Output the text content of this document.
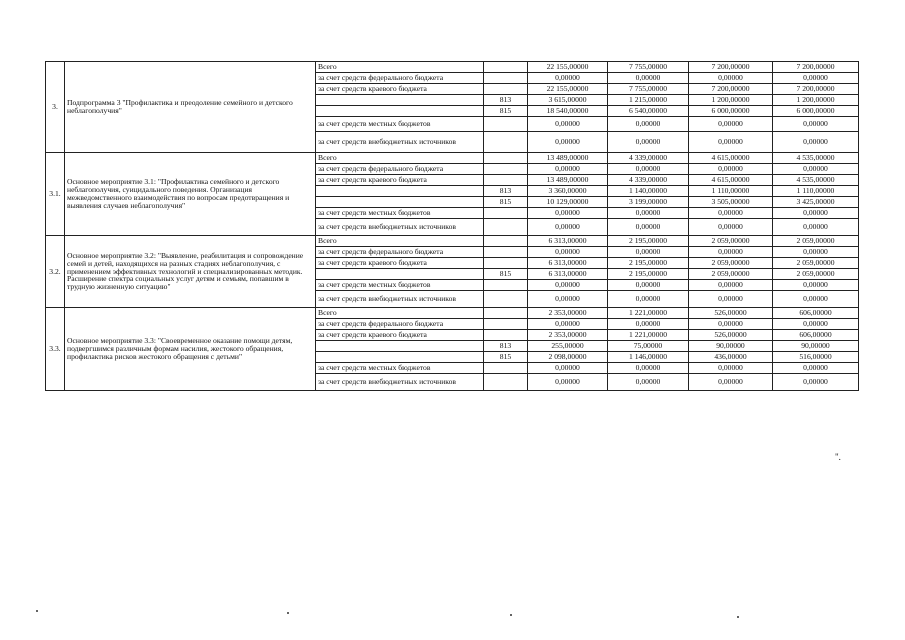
3.	Подпрограмма 3 "Профилактика и преодоление семейного и детского неблагополучия"	Всего		22 155,00000	7 755,00000	7 200,00000	7 200,00000
		за счет средств федерального бюджета		0,00000	0,00000	0,00000	0,00000
		за счет средств краевого бюджета		22 155,00000	7 755,00000	7 200,00000	7 200,00000
			813	3 615,00000	1 215,00000	1 200,00000	1 200,00000
			815	18 540,00000	6 540,00000	6 000,00000	6 000,00000
		за счет средств местных бюджетов		0,00000	0,00000	0,00000	0,00000
		за счет средств внебюджетных источников		0,00000	0,00000	0,00000	0,00000
3.1.	Основное мероприятие 3.1: "Профилактика семейного и детского неблагополучия, суицидального поведения. Организация межведомственного взаимодействия по вопросам предотвращения и выявления случаев неблагополучия"	Всего		13 489,00000	4 339,00000	4 615,00000	4 535,00000
		за счет средств федерального бюджета		0,00000	0,00000	0,00000	0,00000
		за счет средств краевого бюджета		13 489,00000	4 339,00000	4 615,00000	4 535,00000
			813	3 360,00000	1 140,00000	1 110,00000	1 110,00000
			815	10 129,00000	3 199,00000	3 505,00000	3 425,00000
		за счет средств местных бюджетов		0,00000	0,00000	0,00000	0,00000
		за счет средств внебюджетных источников		0,00000	0,00000	0,00000	0,00000
3.2.	Основное мероприятие 3.2: "Выявление, реабилитация и сопровождение семей и детей, находящихся на разных стадиях неблагополучия, с применением эффективных технологий и специализированных методик. Расширение спектра социальных услуг детям и семьям, попавшим в трудную жизненную ситуацию"	Всего		6 313,00000	2 195,00000	2 059,00000	2 059,00000
		за счет средств федерального бюджета		0,00000	0,00000	0,00000	0,00000
		за счет средств краевого бюджета		6 313,00000	2 195,00000	2 059,00000	2 059,00000
			815	6 313,00000	2 195,00000	2 059,00000	2 059,00000
		за счет средств местных бюджетов		0,00000	0,00000	0,00000	0,00000
		за счет средств внебюджетных источников		0,00000	0,00000	0,00000	0,00000
3.3.	Основное мероприятие 3.3: "Своевременное оказание помощи детям, подвергшимся различным формам насилия, жестокого обращения, профилактика рисков жестокого обращения с детьми"	Всего		2 353,00000	1 221,00000	526,00000	606,00000
		за счет средств федерального бюджета		0,00000	0,00000	0,00000	0,00000
		за счет средств краевого бюджета		2 353,00000	1 221,00000	526,00000	606,00000
			813	255,00000	75,00000	90,00000	90,00000
			815	2 098,00000	1 146,00000	436,00000	516,00000
		за счет средств местных бюджетов		0,00000	0,00000	0,00000	0,00000
		за счет средств внебюджетных источников		0,00000	0,00000	0,00000	0,00000
".
